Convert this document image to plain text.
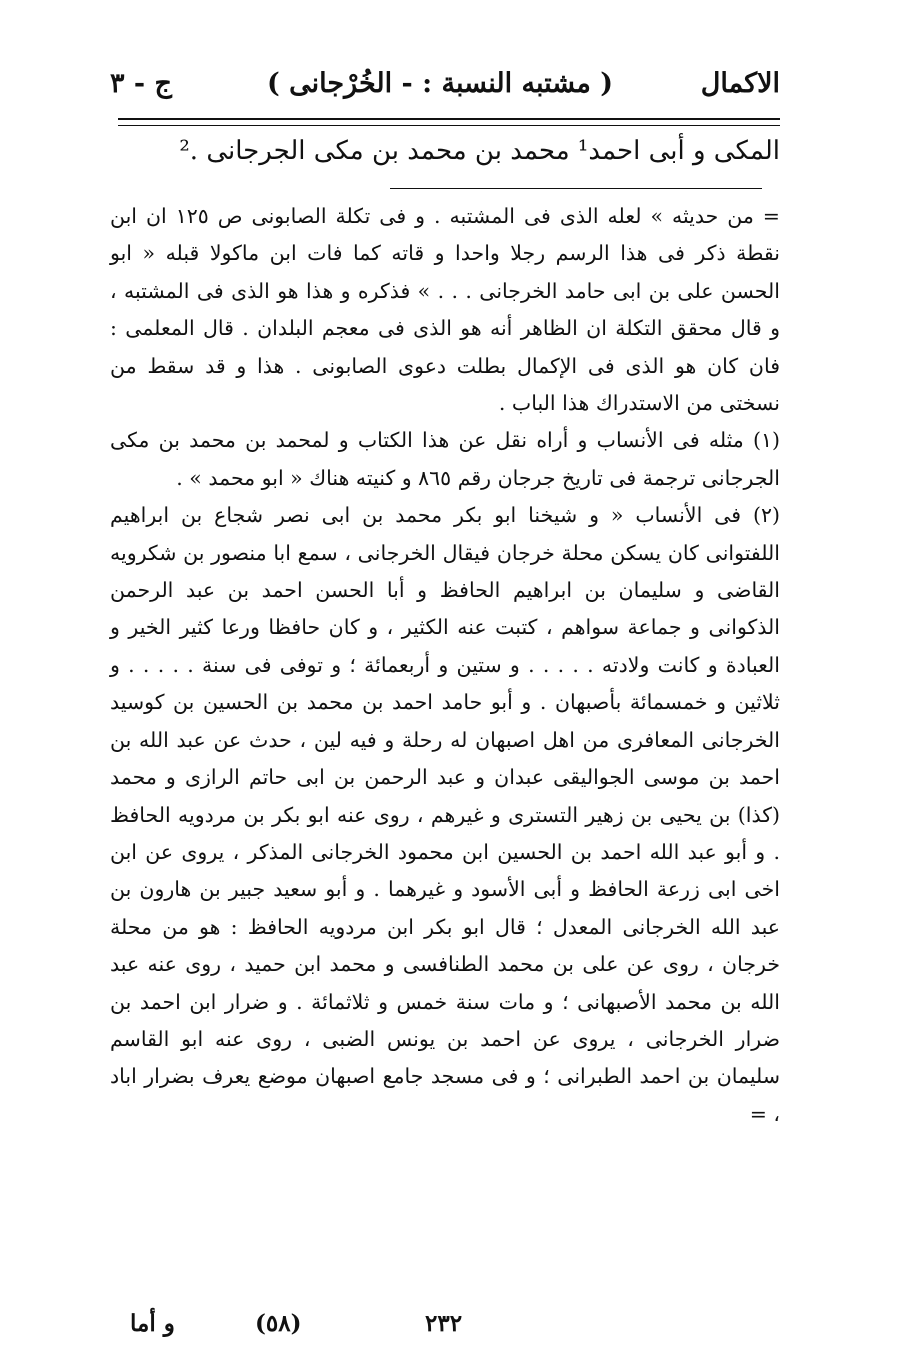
الاكمال
( مشتبه النسبة : - الخُرْجانى )
ج - ٣
المكى و أبى احمد¹ محمد بن محمد بن مكى الجرجانى .²

= من حديثه » لعله الذى فى المشتبه . و فى تكلة الصابونى ص ١٢٥ ان ابن نقطة ذكر فى هذا الرسم رجلا واحدا و قاته كما فات ابن ماكولا قبله « ابو الحسن على بن ابى حامد الخرجانى . . . » فذكره و هذا هو الذى فى المشتبه ، و قال محقق التكلة ان الظاهر أنه هو الذى فى معجم البلدان . قال المعلمى : فان كان هو الذى فى الإكمال بطلت دعوى الصابونى . هذا و قد سقط من نسختى من الاستدراك هذا الباب .

(١) مثله فى الأنساب و أراه نقل عن هذا الكتاب و لمحمد بن محمد بن مكى الجرجانى ترجمة فى تاريخ جرجان رقم ٨٦٥ و كنيته هناك « ابو محمد » .

(٢) فى الأنساب « و شيخنا ابو بكر محمد بن ابى نصر شجاع بن ابراهيم اللفتوانى كان يسكن محلة خرجان فيقال الخرجانى ، سمع ابا منصور بن شكرويه القاضى و سليمان بن ابراهيم الحافظ و أبا الحسن احمد بن عبد الرحمن الذكوانى و جماعة سواهم ، كتبت عنه الكثير ، و كان حافظا ورعا كثير الخير و العبادة و كانت ولادته . . . . . و ستين و أربعمائة ؛ و توفى فى سنة . . . . . و ثلاثين و خمسمائة بأصبهان . و أبو حامد احمد بن محمد بن الحسين بن كوسيد الخرجانى المعافرى من اهل اصبهان له رحلة و فيه لين ، حدث عن عبد الله بن احمد بن موسى الجواليقى عبدان و عبد الرحمن بن ابى حاتم الرازى و محمد (كذا) بن يحيى بن زهير التسترى و غيرهم ، روى عنه ابو بكر بن مردويه الحافظ . و أبو عبد الله احمد بن الحسين ابن محمود الخرجانى المذكر ، يروى عن ابن اخى ابى زرعة الحافظ و أبى الأسود و غيرهما . و أبو سعيد جبير بن هارون بن عبد الله الخرجانى المعدل ؛ قال ابو بكر ابن مردويه الحافظ : هو من محلة خرجان ، روى عن على بن محمد الطنافسى و محمد ابن حميد ، روى عنه عبد الله بن محمد الأصبهانى ؛ و مات سنة خمس و ثلاثمائة . و ضرار ابن احمد بن ضرار الخرجانى ، يروى عن احمد بن يونس الضبى ، روى عنه ابو القاسم سليمان بن احمد الطبرانى ؛ و فى مسجد جامع اصبهان موضع يعرف بضرار اباد ، =

٢٣٢
(٥٨)
و أما
